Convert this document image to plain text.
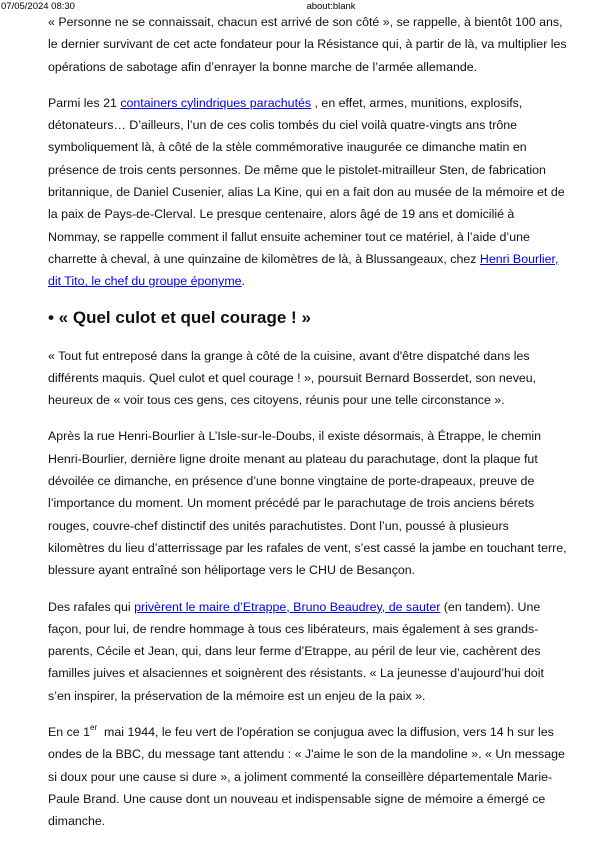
07/05/2024 08:30	about:blank

« Personne ne se connaissait, chacun est arrivé de son côté », se rappelle, à bientôt 100 ans, le dernier survivant de cet acte fondateur pour la Résistance qui, à partir de là, va multiplier les opérations de sabotage afin d’enrayer la bonne marche de l’armée allemande.

Parmi les 21 containers cylindriques parachutés , en effet, armes, munitions, explosifs, détonateurs… D’ailleurs, l’un de ces colis tombés du ciel voilà quatre-vingts ans trône symboliquement là, à côté de la stèle commémorative inaugurée ce dimanche matin en présence de trois cents personnes. De même que le pistolet-mitrailleur Sten, de fabrication britannique, de Daniel Cusenier, alias La Kine, qui en a fait don au musée de la mémoire et de la paix de Pays-de-Clerval. Le presque centenaire, alors âgé de 19 ans et domicilié à Nommay, se rappelle comment il fallut ensuite acheminer tout ce matériel, à l’aide d’une charrette à cheval, à une quinzaine de kilomètres de là, à Blussangeaux, chez Henri Bourlier, dit Tito, le chef du groupe éponyme.

• « Quel culot et quel courage ! »

« Tout fut entreposé dans la grange à côté de la cuisine, avant d'être dispatché dans les différents maquis. Quel culot et quel courage ! », poursuit Bernard Bosserdet, son neveu, heureux de « voir tous ces gens, ces citoyens, réunis pour une telle circonstance ».

Après la rue Henri-Bourlier à L’Isle-sur-le-Doubs, il existe désormais, à Étrappe, le chemin Henri-Bourlier, dernière ligne droite menant au plateau du parachutage, dont la plaque fut dévoilée ce dimanche, en présence d’une bonne vingtaine de porte-drapeaux, preuve de l’importance du moment. Un moment précédé par le parachutage de trois anciens bérets rouges, couvre-chef distinctif des unités parachutistes. Dont l’un, poussé à plusieurs kilomètres du lieu d’atterrissage par les rafales de vent, s’est cassé la jambe en touchant terre, blessure ayant entraîné son héliportage vers le CHU de Besançon.

Des rafales qui privèrent le maire d’Etrappe, Bruno Beaudrey, de sauter (en tandem). Une façon, pour lui, de rendre hommage à tous ces libérateurs, mais également à ses grands-parents, Cécile et Jean, qui, dans leur ferme d’Etrappe, au péril de leur vie, cachèrent des familles juives et alsaciennes et soignèrent des résistants. « La jeunesse d’aujourd’hui doit s’en inspirer, la préservation de la mémoire est un enjeu de la paix ».

En ce 1er  mai 1944, le feu vert de l'opération se conjugua avec la diffusion, vers 14 h sur les ondes de la BBC, du message tant attendu : « J'aime le son de la mandoline ». « Un message si doux pour une cause si dure », a joliment commenté la conseillère départementale Marie-Paule Brand. Une cause dont un nouveau et indispensable signe de mémoire a émergé ce dimanche.
